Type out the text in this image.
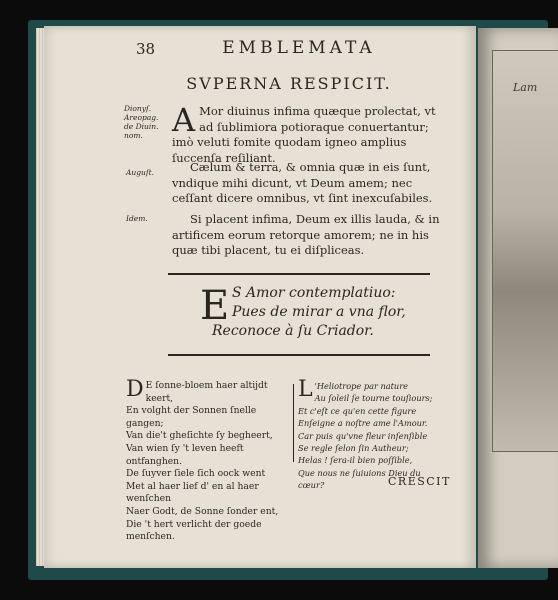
Lam
38	EMBLEMATA
SVPERNA RESPICIT.
Dionyſ. Areopag. de Diuin. nom.
Auguſt.
Idem.
A Mor diuinus infima quæque prolectat, vt ad ſublimiora potioraque conuertantur; imò veluti fomite quodam igneo amplius ſuccenſa reſiliant.
Cælum & terra, & omnia quæ in eis ſunt, vndique mihi dicunt, vt Deum amem; nec ceſſant dicere omnibus, vt ſint inexcuſabiles.
Si placent infima, Deum ex illis lauda, & in artificem eorum retorque amorem; ne in his quæ tibi placent, tu ei diſpliceas.
E S Amor contemplatiuo:
Pues de mirar a vna flor,
Reconoce à ſu Criador.
D E ſonne-bloem haer altijdt keert,
En volght der Sonnen ſnelle gangen;
Van die't gheſichte ſy begheert,
Van wien ſy 't leven heeft ontfanghen.
De ſuyver ſiele ſich oock went
Met al haer lief d' en al haer wenſchen
Naer Godt, de Sonne ſonder ent,
Die 't hert verlicht der goede menſchen.
L 'Heliotrope par nature
Au ſoleil ſe tourne touſiours;
Et c'eſt ce qu'en cette figure
Enſeigne a noſtre ame l'Amour.
Car puis qu'vne fleur inſenſible
Se regle ſelon ſin Autheur;
Helas ! ſera-il bien poſſible,
Que nous ne ſuiuions Dieu du cœur?	CRESCIT
